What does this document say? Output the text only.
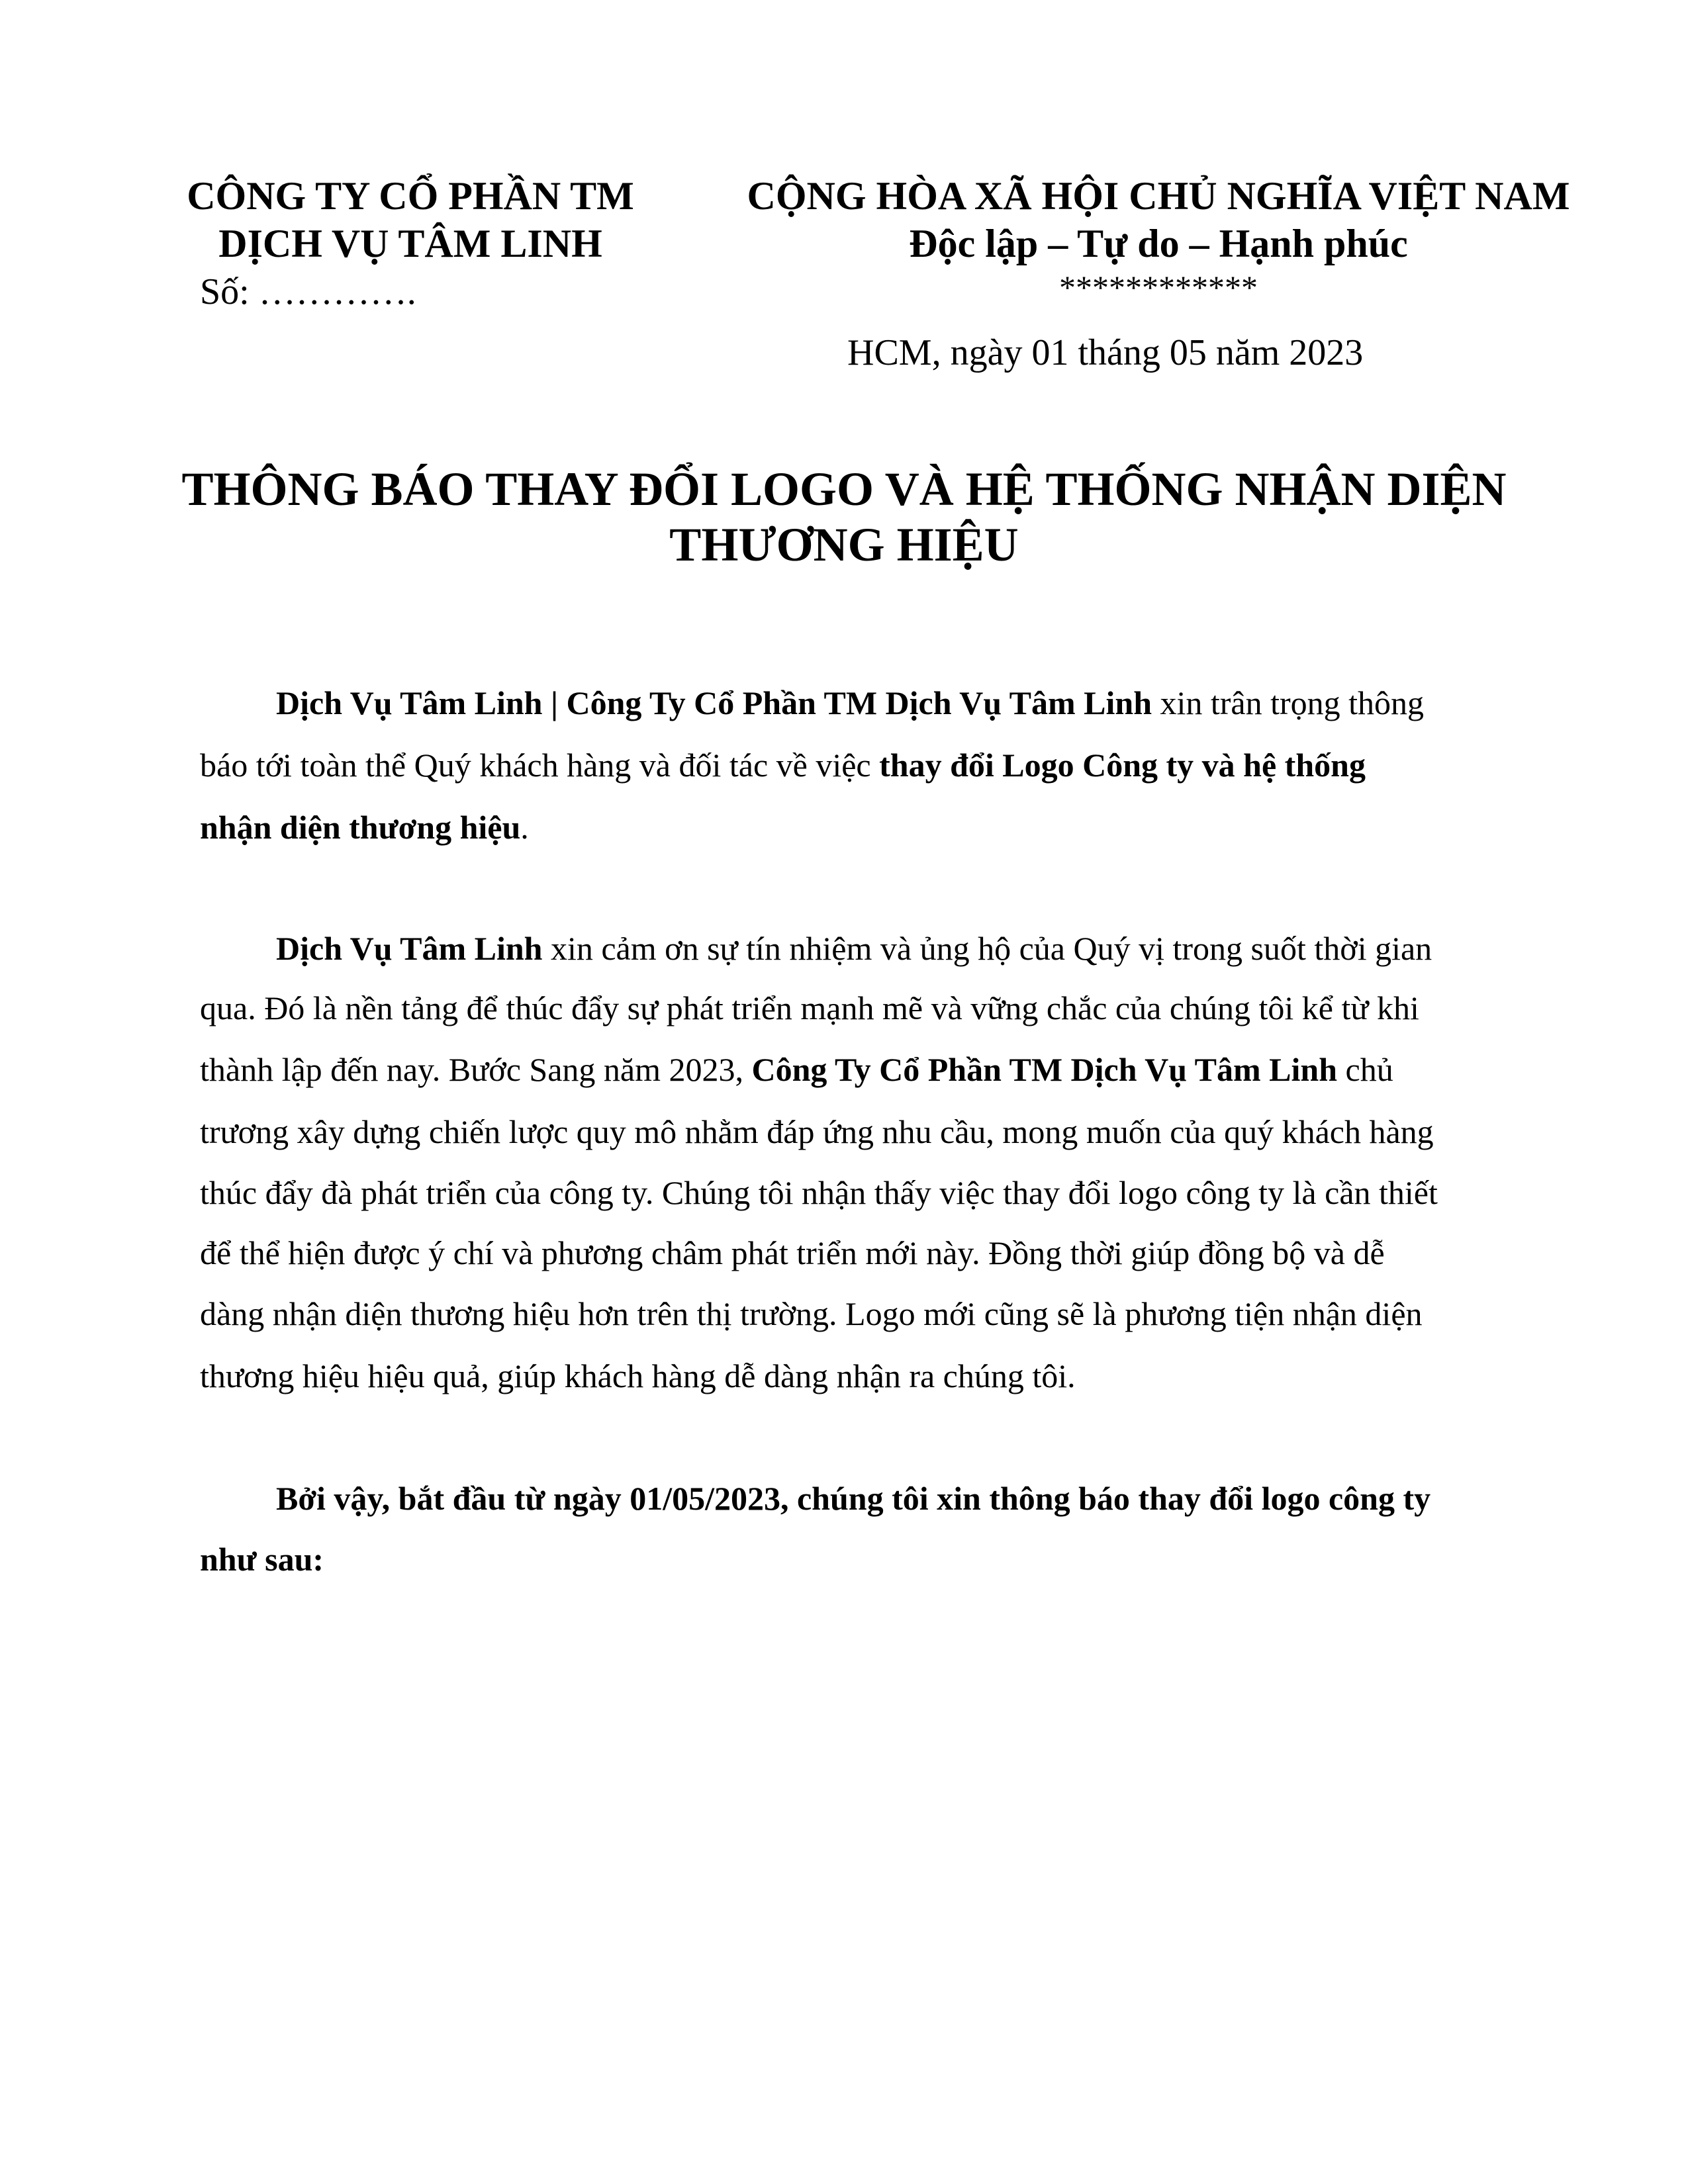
CÔNG TY CỔ PHẦN TM
DỊCH VỤ TÂM LINH
Số: ………….
CỘNG HÒA XÃ HỘI CHỦ NGHĨA VIỆT NAM
Độc lập – Tự do – Hạnh phúc
************
HCM, ngày 01 tháng 05 năm 2023
THÔNG BÁO THAY ĐỔI LOGO VÀ HỆ THỐNG NHẬN DIỆN
THƯƠNG HIỆU
Dịch Vụ Tâm Linh | Công Ty Cổ Phần TM Dịch Vụ Tâm Linh xin trân trọng thông
báo tới toàn thể Quý khách hàng và đối tác về việc thay đổi Logo Công ty và hệ thống
nhận diện thương hiệu.
Dịch Vụ Tâm Linh xin cảm ơn sự tín nhiệm và ủng hộ của Quý vị trong suốt thời gian
qua. Đó là nền tảng để thúc đẩy sự phát triển mạnh mẽ và vững chắc của chúng tôi kể từ khi
thành lập đến nay. Bước Sang năm 2023, Công Ty Cổ Phần TM Dịch Vụ Tâm Linh chủ
trương xây dựng chiến lược quy mô nhằm đáp ứng nhu cầu, mong muốn của quý khách hàng
thúc đẩy đà phát triển của công ty. Chúng tôi nhận thấy việc thay đổi logo công ty là cần thiết
để thể hiện được ý chí và phương châm phát triển mới này. Đồng thời giúp đồng bộ và dễ
dàng nhận diện thương hiệu hơn trên thị trường. Logo mới cũng sẽ là phương tiện nhận diện
thương hiệu hiệu quả, giúp khách hàng dễ dàng nhận ra chúng tôi.
Bởi vậy, bắt đầu từ ngày 01/05/2023, chúng tôi xin thông báo thay đổi logo công ty
như sau:
